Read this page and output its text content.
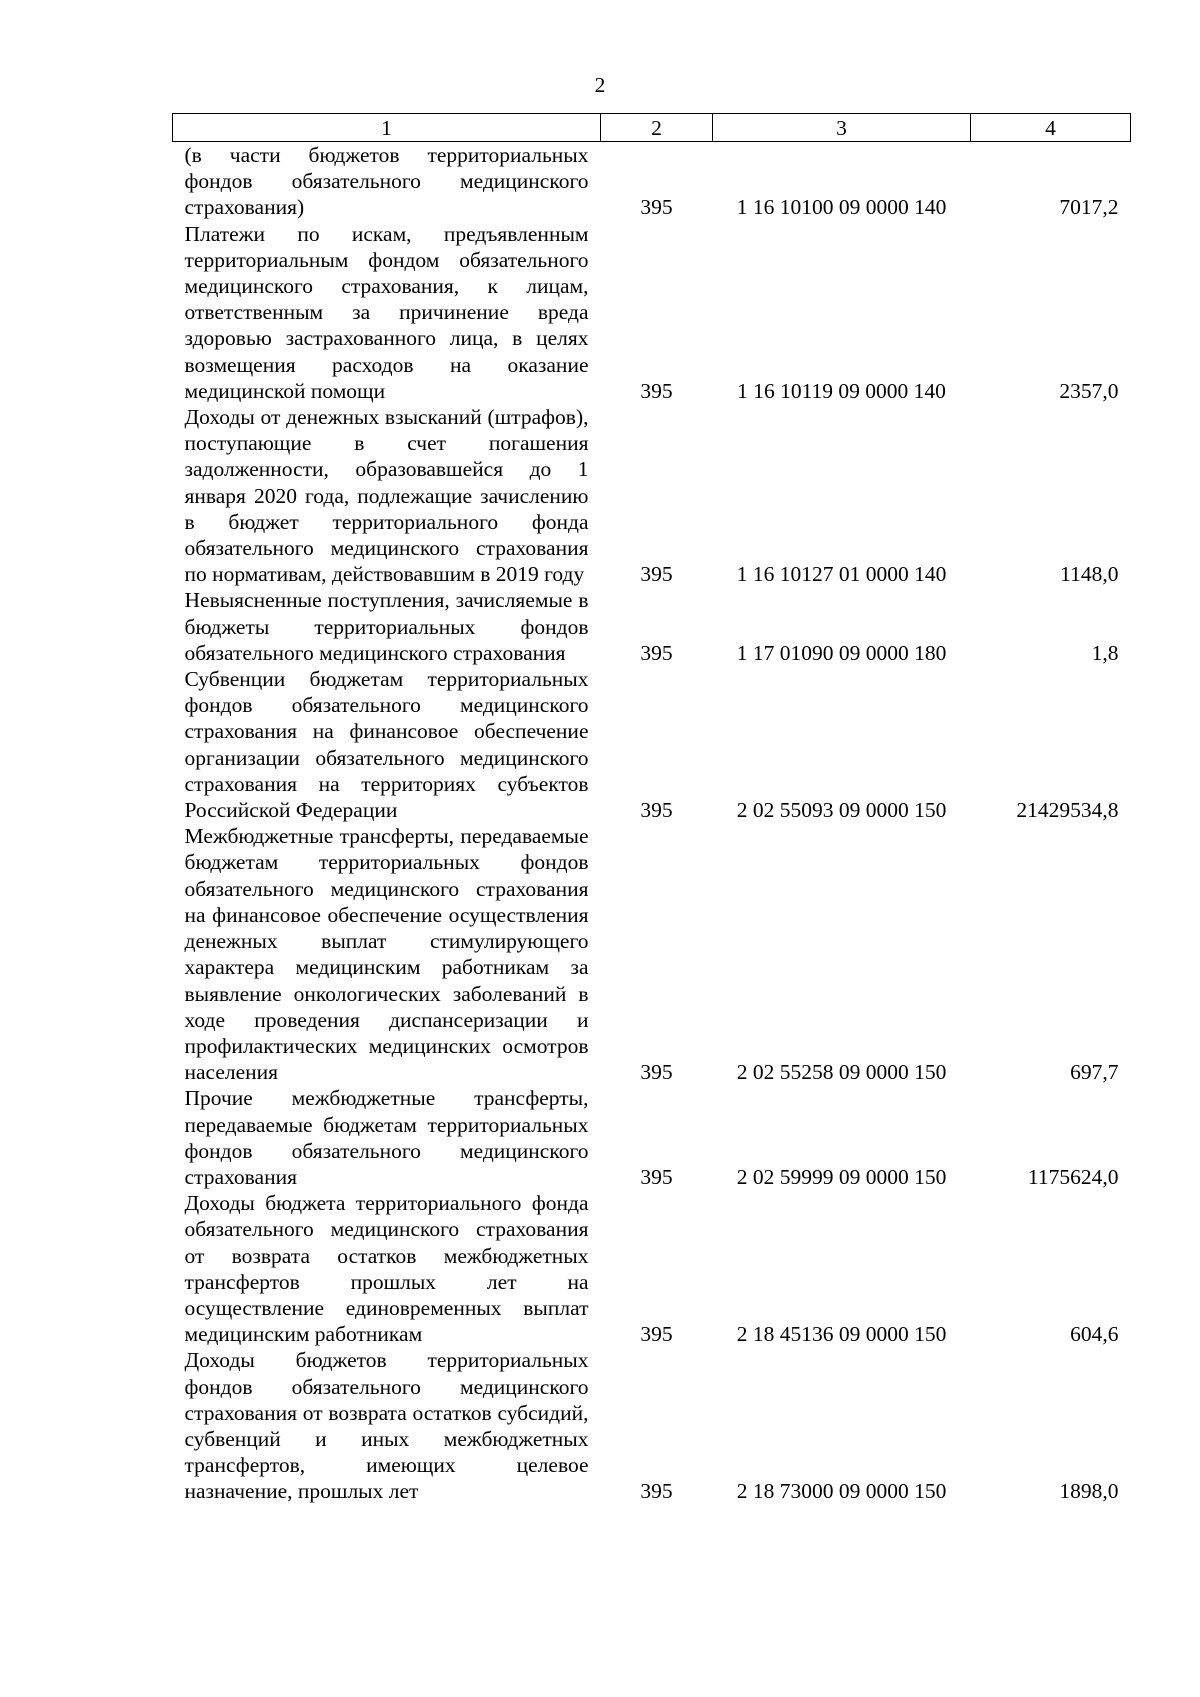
2
1	2	3	4
(в части бюджетов территориальных фондов обязательного медицинского страхования)	395	1 16 10100 09 0000 140	7017,2
Платежи по искам, предъявленным территориальным фондом обязательного медицинского страхования, к лицам, ответственным за причинение вреда здоровью застрахованного лица, в целях возмещения расходов на оказание медицинской помощи	395	1 16 10119 09 0000 140	2357,0
Доходы от денежных взысканий (штрафов), поступающие в счет погашения задолженности, образовавшейся до 1 января 2020 года, подлежащие зачислению в бюджет территориального фонда обязательного медицинского страхования по нормативам, действовавшим в 2019 году	395	1 16 10127 01 0000 140	1148,0
Невыясненные поступления, зачисляемые в бюджеты территориальных фондов обязательного медицинского страхования	395	1 17 01090 09 0000 180	1,8
Субвенции бюджетам территориальных фондов обязательного медицинского страхования на финансовое обеспечение организации обязательного медицинского страхования на территориях субъектов Российской Федерации	395	2 02 55093 09 0000 150	21429534,8
Межбюджетные трансферты, передаваемые бюджетам территориальных фондов обязательного медицинского страхования на финансовое обеспечение осуществления денежных выплат стимулирующего характера медицинским работникам за выявление онкологических заболеваний в ходе проведения диспансеризации и профилактических медицинских осмотров населения	395	2 02 55258 09 0000 150	697,7
Прочие межбюджетные трансферты, передаваемые бюджетам территориальных фондов обязательного медицинского страхования	395	2 02 59999 09 0000 150	1175624,0
Доходы бюджета территориального фонда обязательного медицинского страхования от возврата остатков межбюджетных трансфертов прошлых лет на осуществление единовременных выплат медицинским работникам	395	2 18 45136 09 0000 150	604,6
Доходы бюджетов территориальных фондов обязательного медицинского страхования от возврата остатков субсидий, субвенций и иных межбюджетных трансфертов, имеющих целевое назначение, прошлых лет	395	2 18 73000 09 0000 150	1898,0
